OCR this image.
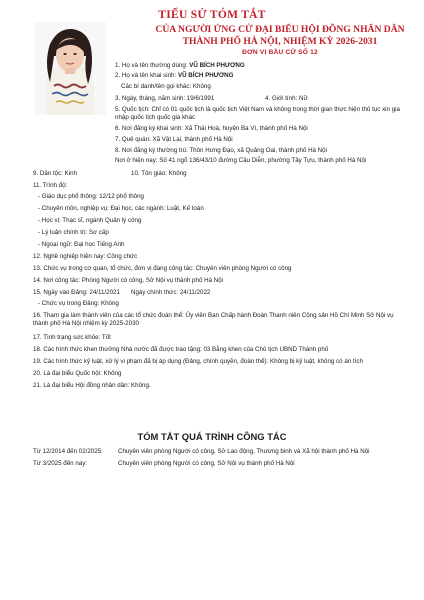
TIỂU SỬ TÓM TẮT
CỦA NGƯỜI ỨNG CỬ ĐẠI BIỂU HỘI ĐỒNG NHÂN DÂN
THÀNH PHỐ HÀ NỘI, NHIỆM KỲ 2026-2031
ĐƠN VỊ BẦU CỬ SỐ 12
1. Họ và tên thường dùng: VŨ BÍCH PHƯƠNG
2. Họ và tên khai sinh: VŨ BÍCH PHƯƠNG
Các bí danh/tên gọi khác: Không
3. Ngày, tháng, năm sinh: 19/6/1991	4. Giới tính: Nữ
5. Quốc tịch: Chỉ có 01 quốc tịch là quốc tịch Việt Nam và không trong thời gian thực hiện thủ tục xin gia nhập quốc tịch quốc gia khác
6. Nơi đăng ký khai sinh: Xã Thái Hoà, huyện Ba Vì, thành phố Hà Nội
7. Quê quán: Xã Vật Lại, thành phố Hà Nội
8. Nơi đăng ký thường trú: Thôn Hưng Đạo, xã Quảng Oai, thành phố Hà Nội
Nơi ở hiện nay: Số 41 ngõ 136/43/10 đường Cầu Diễn, phường Tây Tựu, thành phố Hà Nội
9. Dân tộc: Kinh	10. Tôn giáo: Không
11. Trình độ:
- Giáo dục phổ thông: 12/12 phổ thông
- Chuyên môn, nghiệp vụ: Đại học, các ngành: Luật, Kế toán
- Học vị: Thạc sĩ, ngành Quản lý công
- Lý luận chính trị: Sơ cấp
- Ngoại ngữ: Đại học Tiếng Anh
12. Nghề nghiệp hiện nay: Công chức
13. Chức vụ trong cơ quan, tổ chức, đơn vị đang công tác: Chuyên viên phòng Người có công
14. Nơi công tác: Phòng Người có công, Sở Nội vụ thành phố Hà Nội
15. Ngày vào Đảng: 24/11/2021 Ngày chính thức: 24/11/2022
- Chức vụ trong Đảng: Không
16. Tham gia làm thành viên của các tổ chức đoàn thể: Ủy viên Ban Chấp hành Đoàn Thanh niên Cộng sản Hồ Chí Minh Sở Nội vụ thành phố Hà Nội nhiệm kỳ 2025-2030
17. Tình trạng sức khỏe: Tốt
18. Các hình thức khen thưởng Nhà nước đã được trao tặng: 03 Bằng khen của Chủ tịch UBND Thành phố
19. Các hình thức kỷ luật, xử lý vi phạm đã bị áp dụng (Đảng, chính quyền, đoàn thể): Không bị kỷ luật, không có án tích
20. Là đại biểu Quốc hội: Không
21. Là đại biểu Hội đồng nhân dân: Không.
TÓM TẮT QUÁ TRÌNH CÔNG TÁC
Từ 12/2014 đến 02/2025: Chuyên viên phòng Người có công, Sở Lao động, Thương binh và Xã hội thành phố Hà Nội
Từ 3/2025 đến nay:	Chuyên viên phòng Người có công, Sở Nội vụ thành phố Hà Nội
